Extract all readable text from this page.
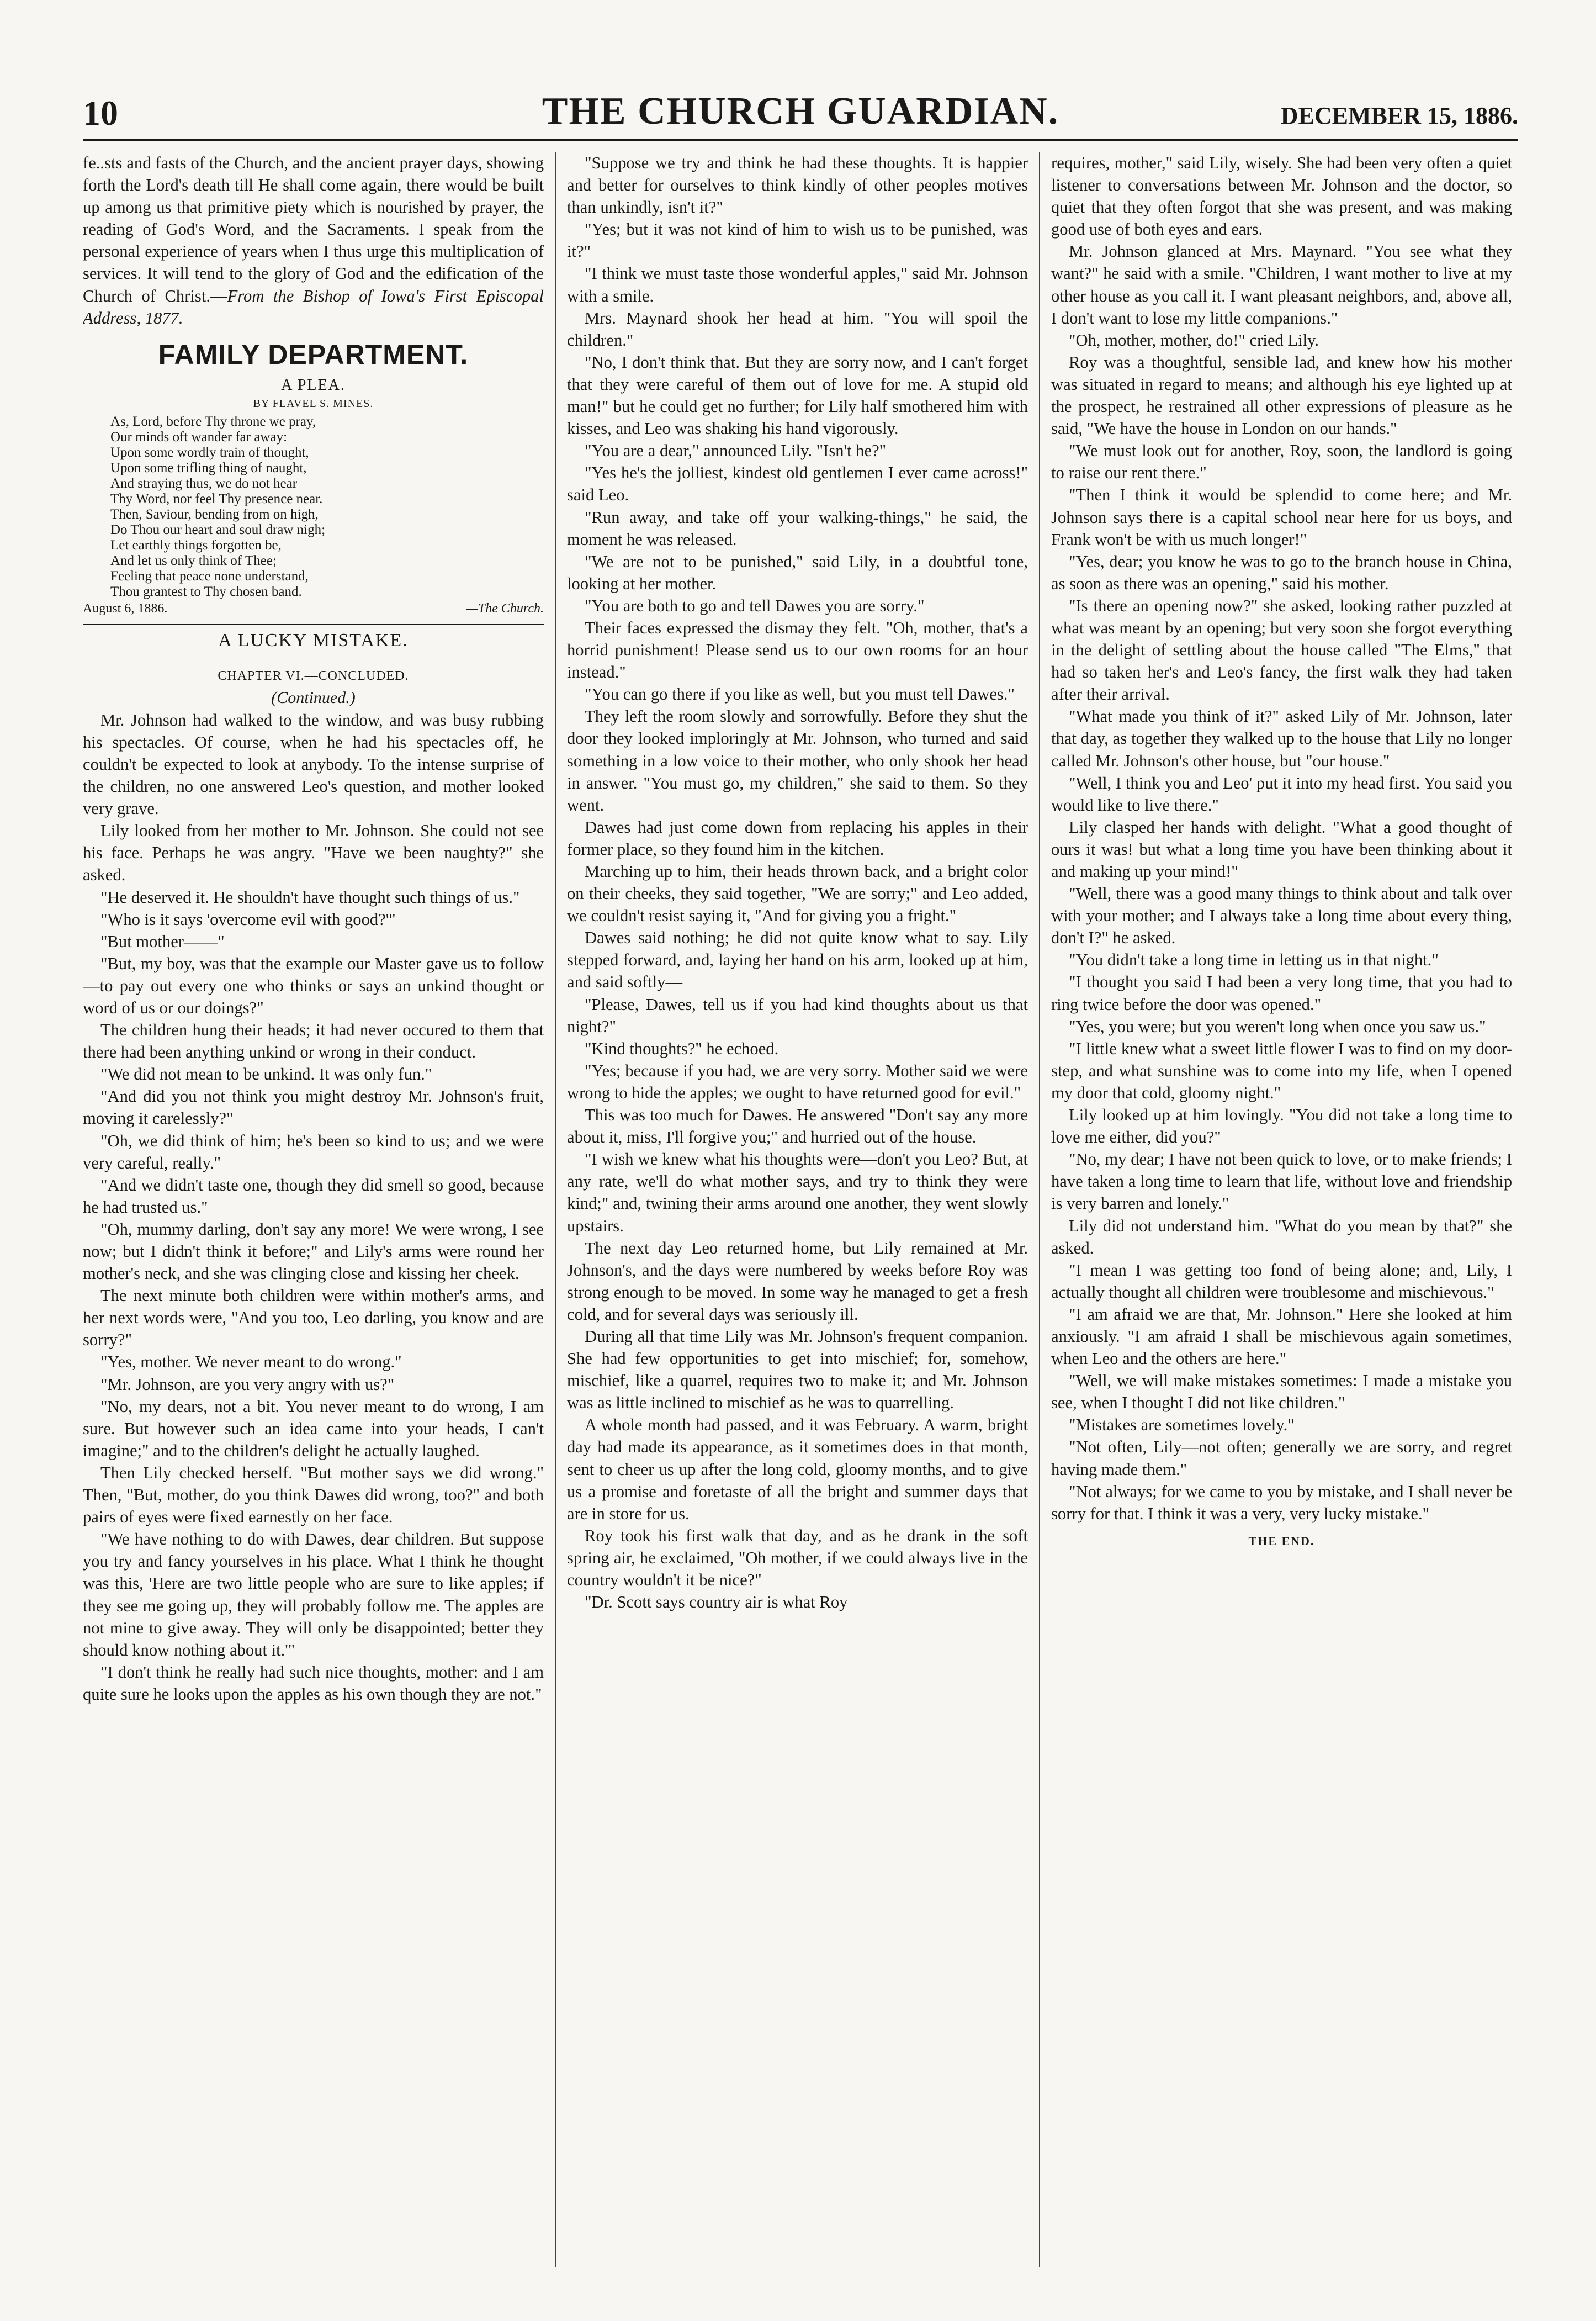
10	THE CHURCH GUARDIAN.	DECEMBER 15, 1886.

fe..sts and fasts of the Church, and the ancient prayer days, showing forth the Lord's death till He shall come again, there would be built up among us that primitive piety which is nourished by prayer, the reading of God's Word, and the Sacraments. I speak from the personal experience of years when I thus urge this multiplication of services. It will tend to the glory of God and the edification of the Church of Christ.—From the Bishop of Iowa's First Episcopal Address, 1877.

FAMILY DEPARTMENT.
A PLEA.
BY FLAVEL S. MINES.
As, Lord, before Thy throne we pray,
Our minds oft wander far away:
Upon some wordly train of thought,
Upon some trifling thing of naught,
And straying thus, we do not hear
Thy Word, nor feel Thy presence near.
Then, Saviour, bending from on high,
Do Thou our heart and soul draw nigh;
Let earthly things forgotten be,
And let us only think of Thee;
Feeling that peace none understand,
Thou grantest to Thy chosen band.
August 6, 1886.	—The Church.
A LUCKY MISTAKE.
CHAPTER VI.—CONCLUDED.
(Continued.)

Mr. Johnson had walked to the window, and was busy rubbing his spectacles. Of course, when he had his spectacles off, he couldn't be expected to look at anybody. To the intense surprise of the children, no one answered Leo's question, and mother looked very grave.

Lily looked from her mother to Mr. Johnson. She could not see his face. Perhaps he was angry. "Have we been naughty?" she asked.

"He deserved it. He shouldn't have thought such things of us."

"Who is it says 'overcome evil with good?'"

"But mother——"

"But, my boy, was that the example our Master gave us to follow—to pay out every one who thinks or says an unkind thought or word of us or our doings?"

The children hung their heads; it had never occured to them that there had been anything unkind or wrong in their conduct.

"We did not mean to be unkind. It was only fun."

"And did you not think you might destroy Mr. Johnson's fruit, moving it carelessly?"

"Oh, we did think of him; he's been so kind to us; and we were very careful, really."

"And we didn't taste one, though they did smell so good, because he had trusted us."

"Oh, mummy darling, don't say any more! We were wrong, I see now; but I didn't think it before;" and Lily's arms were round her mother's neck, and she was clinging close and kissing her cheek.

The next minute both children were within mother's arms, and her next words were, "And you too, Leo darling, you know and are sorry?"

"Yes, mother. We never meant to do wrong."

"Mr. Johnson, are you very angry with us?"

"No, my dears, not a bit. You never meant to do wrong, I am sure. But however such an idea came into your heads, I can't imagine;" and to the children's delight he actually laughed.

Then Lily checked herself. "But mother says we did wrong." Then, "But, mother, do you think Dawes did wrong, too?" and both pairs of eyes were fixed earnestly on her face.

"We have nothing to do with Dawes, dear children. But suppose you try and fancy yourselves in his place. What I think he thought was this, 'Here are two little people who are sure to like apples; if they see me going up, they will probably follow me. The apples are not mine to give away. They will only be disappointed; better they should know nothing about it.'"

"I don't think he really had such nice thoughts, mother: and I am quite sure he looks upon the apples as his own though they are not."

"Suppose we try and think he had these thoughts. It is happier and better for ourselves to think kindly of other peoples motives than unkindly, isn't it?"

"Yes; but it was not kind of him to wish us to be punished, was it?"

"I think we must taste those wonderful apples," said Mr. Johnson with a smile.

Mrs. Maynard shook her head at him. "You will spoil the children."

"No, I don't think that. But they are sorry now, and I can't forget that they were careful of them out of love for me. A stupid old man!" but he could get no further; for Lily half smothered him with kisses, and Leo was shaking his hand vigorously.

"You are a dear," announced Lily. "Isn't he?"

"Yes he's the jolliest, kindest old gentlemen I ever came across!" said Leo.

"Run away, and take off your walking-things," he said, the moment he was released.

"We are not to be punished," said Lily, in a doubtful tone, looking at her mother.

"You are both to go and tell Dawes you are sorry."

Their faces expressed the dismay they felt. "Oh, mother, that's a horrid punishment! Please send us to our own rooms for an hour instead."

"You can go there if you like as well, but you must tell Dawes."

They left the room slowly and sorrowfully. Before they shut the door they looked imploringly at Mr. Johnson, who turned and said something in a low voice to their mother, who only shook her head in answer. "You must go, my children," she said to them. So they went.

Dawes had just come down from replacing his apples in their former place, so they found him in the kitchen.

Marching up to him, their heads thrown back, and a bright color on their cheeks, they said together, "We are sorry;" and Leo added, we couldn't resist saying it, "And for giving you a fright."

Dawes said nothing; he did not quite know what to say. Lily stepped forward, and, laying her hand on his arm, looked up at him, and said softly—

"Please, Dawes, tell us if you had kind thoughts about us that night?"

"Kind thoughts?" he echoed.

"Yes; because if you had, we are very sorry. Mother said we were wrong to hide the apples; we ought to have returned good for evil."

This was too much for Dawes. He answered "Don't say any more about it, miss, I'll forgive you;" and hurried out of the house.

"I wish we knew what his thoughts were—don't you Leo? But, at any rate, we'll do what mother says, and try to think they were kind;" and, twining their arms around one another, they went slowly upstairs.

The next day Leo returned home, but Lily remained at Mr. Johnson's, and the days were numbered by weeks before Roy was strong enough to be moved. In some way he managed to get a fresh cold, and for several days was seriously ill.

During all that time Lily was Mr. Johnson's frequent companion. She had few opportunities to get into mischief; for, somehow, mischief, like a quarrel, requires two to make it; and Mr. Johnson was as little inclined to mischief as he was to quarrelling.

A whole month had passed, and it was February. A warm, bright day had made its appearance, as it sometimes does in that month, sent to cheer us up after the long cold, gloomy months, and to give us a promise and foretaste of all the bright and summer days that are in store for us.

Roy took his first walk that day, and as he drank in the soft spring air, he exclaimed, "Oh mother, if we could always live in the country wouldn't it be nice?"

"Dr. Scott says country air is what Roy

requires, mother," said Lily, wisely. She had been very often a quiet listener to conversations between Mr. Johnson and the doctor, so quiet that they often forgot that she was present, and was making good use of both eyes and ears.

Mr. Johnson glanced at Mrs. Maynard. "You see what they want?" he said with a smile. "Children, I want mother to live at my other house as you call it. I want pleasant neighbors, and, above all, I don't want to lose my little companions."

"Oh, mother, mother, do!" cried Lily.

Roy was a thoughtful, sensible lad, and knew how his mother was situated in regard to means; and although his eye lighted up at the prospect, he restrained all other expressions of pleasure as he said, "We have the house in London on our hands."

"We must look out for another, Roy, soon, the landlord is going to raise our rent there."

"Then I think it would be splendid to come here; and Mr. Johnson says there is a capital school near here for us boys, and Frank won't be with us much longer!"

"Yes, dear; you know he was to go to the branch house in China, as soon as there was an opening," said his mother.

"Is there an opening now?" she asked, looking rather puzzled at what was meant by an opening; but very soon she forgot everything in the delight of settling about the house called "The Elms," that had so taken her's and Leo's fancy, the first walk they had taken after their arrival.

"What made you think of it?" asked Lily of Mr. Johnson, later that day, as together they walked up to the house that Lily no longer called Mr. Johnson's other house, but "our house."

"Well, I think you and Leo' put it into my head first. You said you would like to live there."

Lily clasped her hands with delight. "What a good thought of ours it was! but what a long time you have been thinking about it and making up your mind!"

"Well, there was a good many things to think about and talk over with your mother; and I always take a long time about every thing, don't I?" he asked.

"You didn't take a long time in letting us in that night."

"I thought you said I had been a very long time, that you had to ring twice before the door was opened."

"Yes, you were; but you weren't long when once you saw us."

"I little knew what a sweet little flower I was to find on my door-step, and what sunshine was to come into my life, when I opened my door that cold, gloomy night."

Lily looked up at him lovingly. "You did not take a long time to love me either, did you?"

"No, my dear; I have not been quick to love, or to make friends; I have taken a long time to learn that life, without love and friendship is very barren and lonely."

Lily did not understand him. "What do you mean by that?" she asked.

"I mean I was getting too fond of being alone; and, Lily, I actually thought all children were troublesome and mischievous."

"I am afraid we are that, Mr. Johnson." Here she looked at him anxiously. "I am afraid I shall be mischievous again sometimes, when Leo and the others are here."

"Well, we will make mistakes sometimes: I made a mistake you see, when I thought I did not like children."

"Mistakes are sometimes lovely."

"Not often, Lily—not often; generally we are sorry, and regret having made them."

"Not always; for we came to you by mistake, and I shall never be sorry for that. I think it was a very, very lucky mistake."

THE END.
